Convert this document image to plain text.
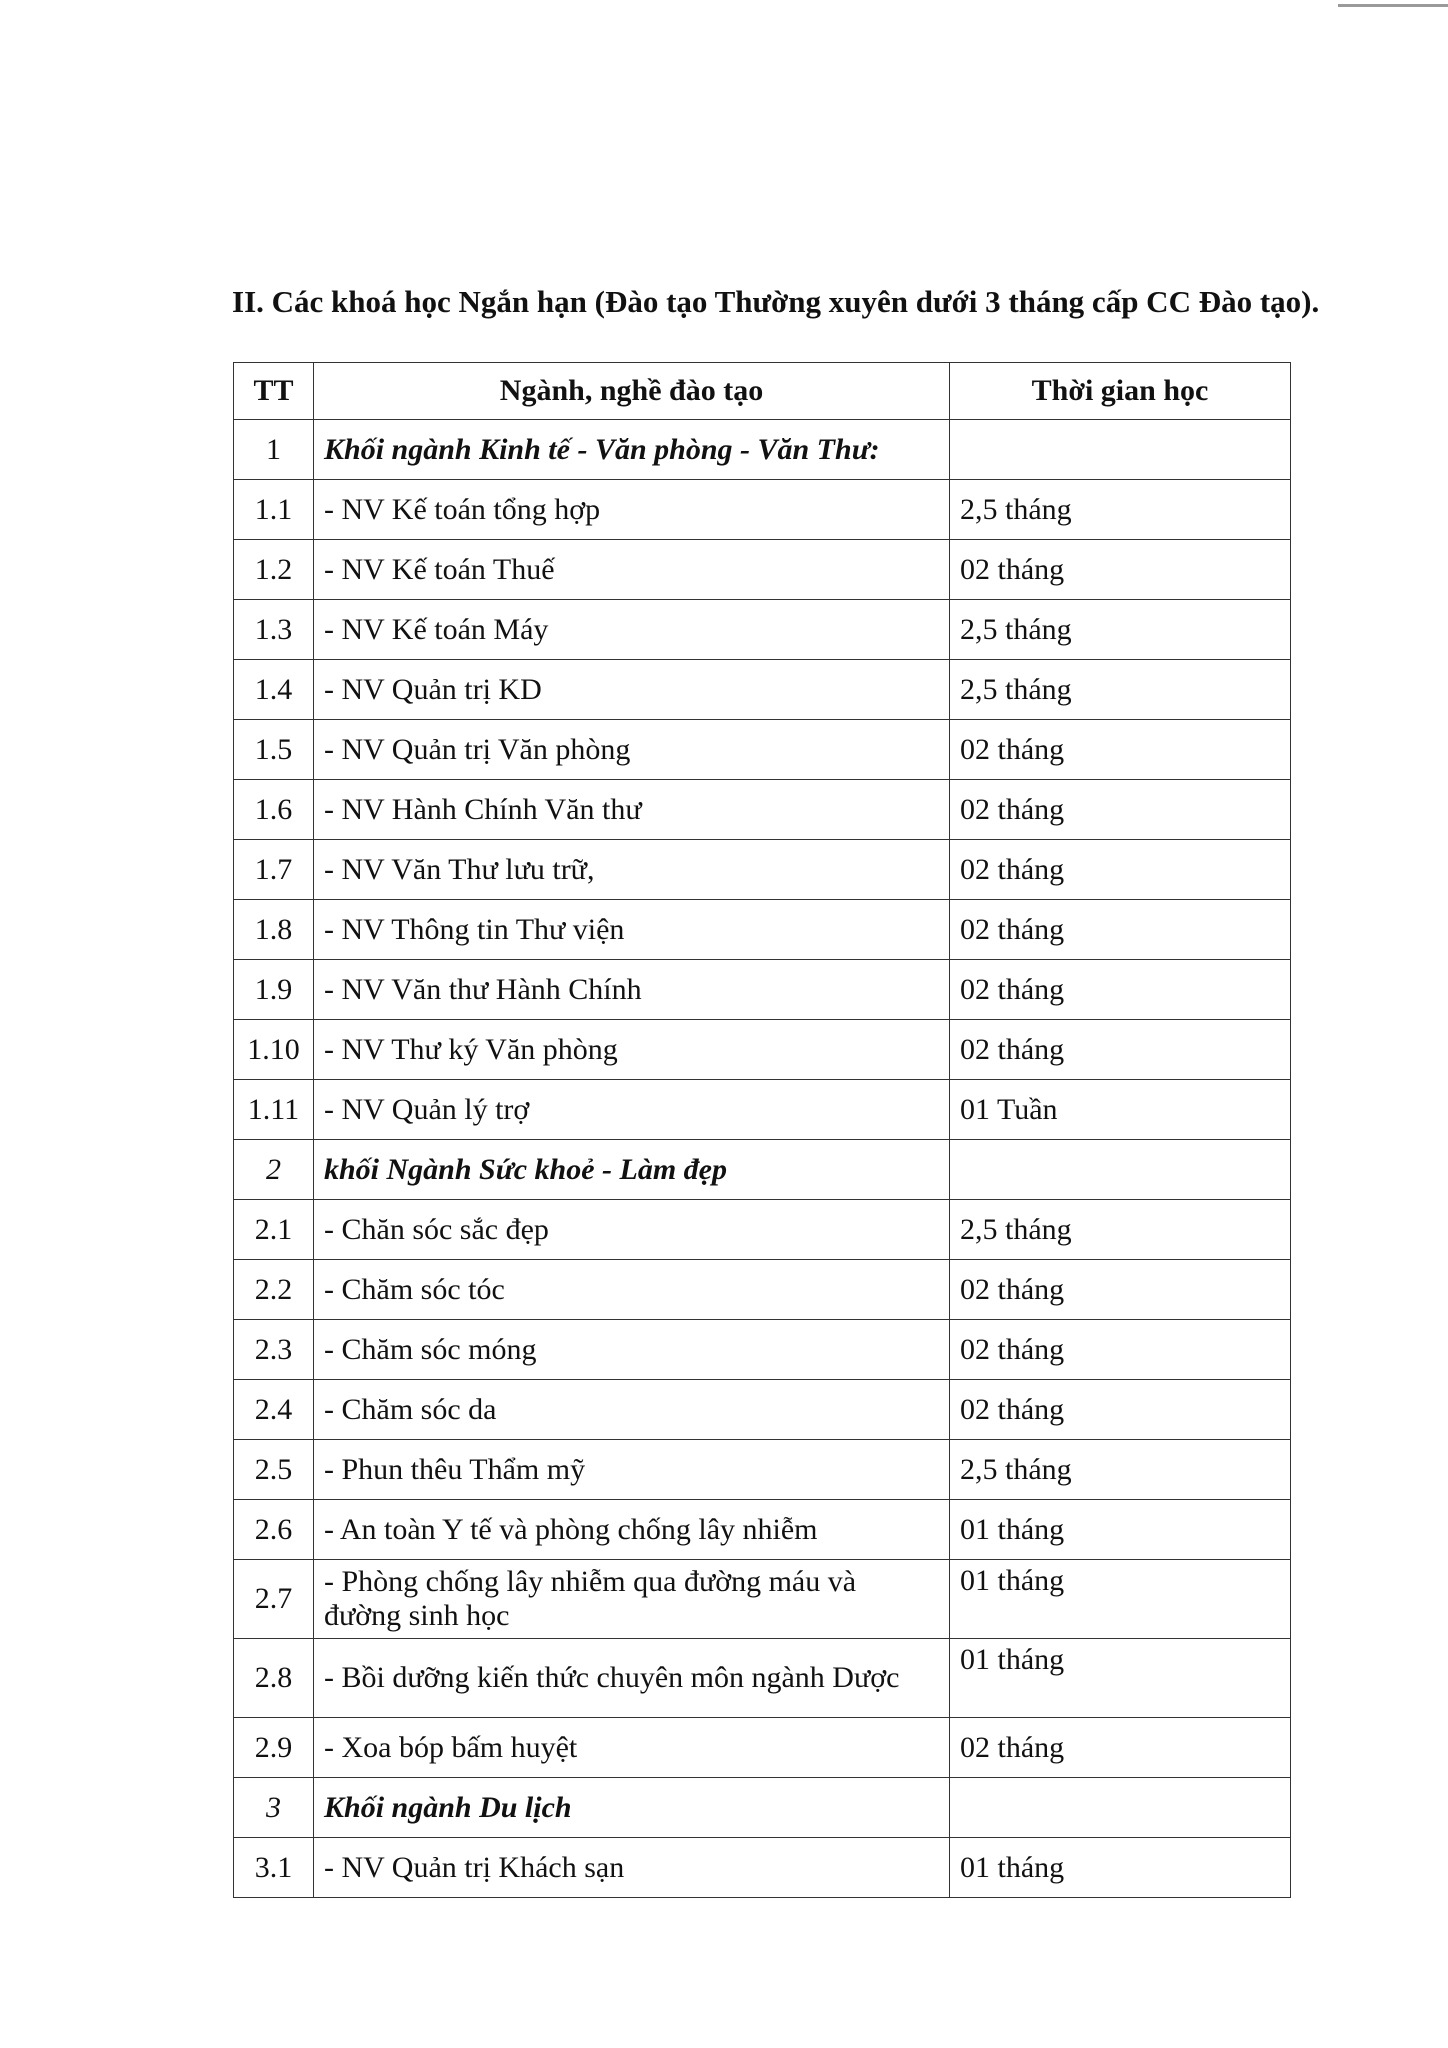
II. Các khoá học Ngắn hạn (Đào tạo Thường xuyên dưới 3 tháng cấp CC Đào tạo).

TT	Ngành, nghề đào tạo	Thời gian học
1	Khối ngành Kinh tế - Văn phòng - Văn Thư:	
1.1	- NV Kế toán tổng hợp	2,5 tháng
1.2	- NV Kế toán Thuế	02 tháng
1.3	- NV Kế toán Máy	2,5 tháng
1.4	- NV Quản trị KD	2,5 tháng
1.5	- NV Quản trị Văn phòng	02 tháng
1.6	- NV Hành Chính Văn thư	02 tháng
1.7	- NV Văn Thư lưu trữ,	02 tháng
1.8	- NV Thông tin Thư viện	02 tháng
1.9	- NV Văn thư Hành Chính	02 tháng
1.10	- NV Thư ký Văn phòng	02 tháng
1.11	- NV Quản lý trợ	01 Tuần
2	khối Ngành Sức khoẻ - Làm đẹp	
2.1	- Chăn sóc sắc đẹp	2,5 tháng
2.2	- Chăm sóc tóc	02 tháng
2.3	- Chăm sóc móng	02 tháng
2.4	- Chăm sóc da	02 tháng
2.5	- Phun thêu Thẩm mỹ	2,5 tháng
2.6	- An toàn Y tế và phòng chống lây nhiễm	01 tháng
2.7	- Phòng chống lây nhiễm qua đường máu và đường sinh học	01 tháng
2.8	- Bồi dưỡng kiến thức chuyên môn ngành Dược	01 tháng
2.9	- Xoa bóp bấm huyệt	02 tháng
3	Khối ngành Du lịch	
3.1	- NV Quản trị Khách sạn	01 tháng
